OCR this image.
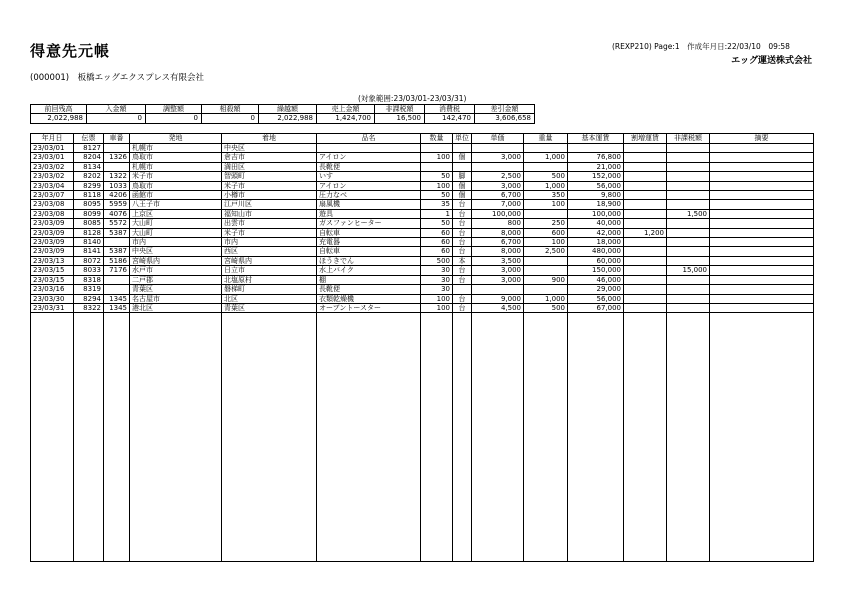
得意先元帳	(REXP210) Page:1　作成年月日:22/03/10　09:58
エッグ運送株式会社
(000001)　板橋エッグエクスプレス有限会社
(対象範囲:23/03/01-23/03/31)
前回残高	入金額	調整額	相殺額	繰越額	売上金額	非課税額	消費税	差引金額
2,022,988	0	0	0	2,022,988	1,424,700	16,500	142,470	3,606,658
年月日	伝票	車番	発地	着地	品名	数量	単位	単価	重量	基本運賃	割増運賃	非課税額	摘要
23/03/01	8127		札幌市	中央区									
23/03/01	8204	1326	鳥取市	倉吉市	アイロン	100	個	3,000	1,000	76,800			
23/03/02	8134		札幌市	満田区	長靴便					21,000			
23/03/02	8202	1322	米子市	智頭町	いす	50	脚	2,500	500	152,000			
23/03/04	8299	1033	鳥取市	米子市	アイロン	100	個	3,000	1,000	56,000			
23/03/07	8118	4206	函館市	小樽市	圧力なべ	50	個	6,700	350	9,800			
23/03/08	8095	5959	八王子市	江戸川区	扇風機	35	台	7,000	100	18,900			
23/03/08	8099	4076	上京区	福知山市	遊具	1	台	100,000		100,000		1,500	
23/03/09	8085	5572	大山町	出雲市	ガスファンヒーター	50	台	800	250	40,000			
23/03/09	8128	5387	大山町	米子市	自転車	60	台	8,000	600	42,000	1,200		
23/03/09	8140		市内	市内	充電器	60	台	6,700	100	18,000			
23/03/09	8141	5387	中央区	西区	自転車	60	台	8,000	2,500	480,000			
23/03/13	8072	5186	宮崎県内	宮崎県内	ほうきでん	500	本	3,500		60,000			
23/03/15	8033	7176	水戸市	日立市	水上バイク	30	台	3,000		150,000		15,000	
23/03/15	8318		二戸郡	北塩原村	棚	30	台	3,000	900	46,000			
23/03/16	8319		青葉区	磐梯町	長靴便	30				29,000			
23/03/30	8294	1345	名古屋市	北区	衣類乾燥機	100	台	9,000	1,000	56,000			
23/03/31	8322	1345	港北区	青葉区	オーブントースター	100	台	4,500	500	67,000			
